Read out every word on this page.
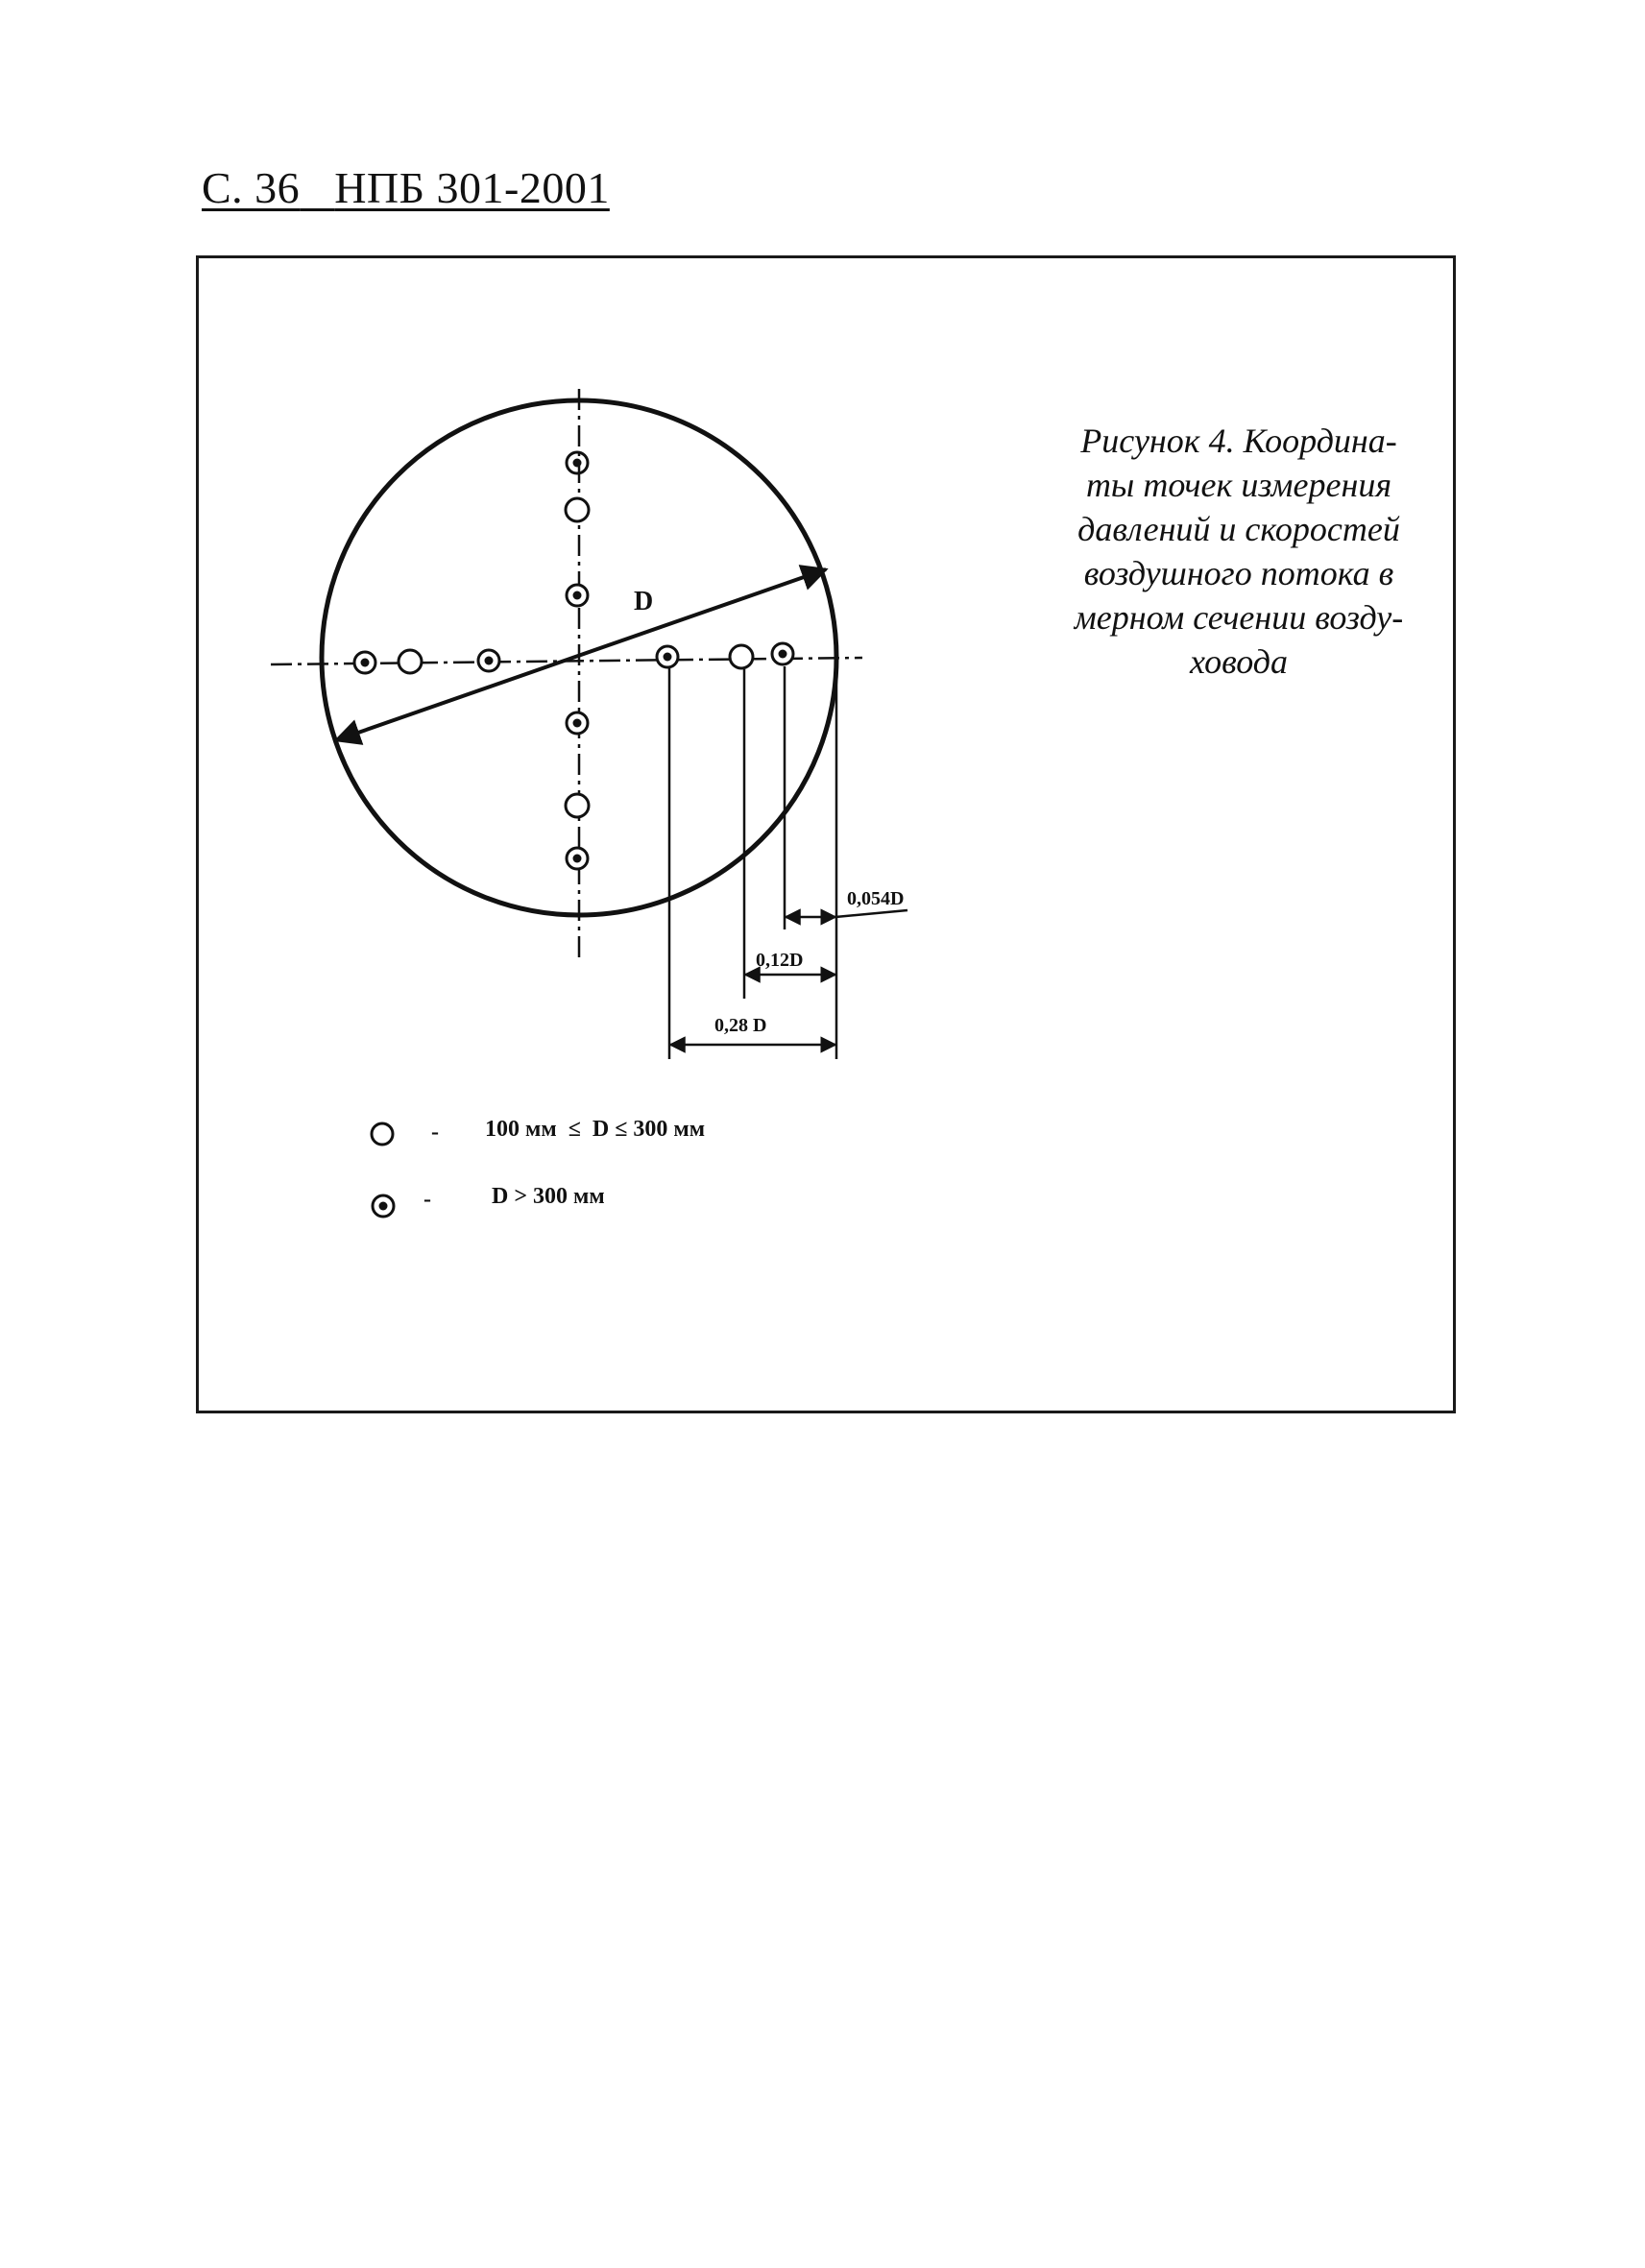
С. 36 НПБ 301-2001
D
0,054D
0,12D
0,28 D
- 100 мм  ≤  D ≤ 300 мм
-	D > 300 мм
Рисунок 4. Координа-
ты точек измерения
давлений и скоростей
воздушного потока в
мерном сечении возду-
ховода
